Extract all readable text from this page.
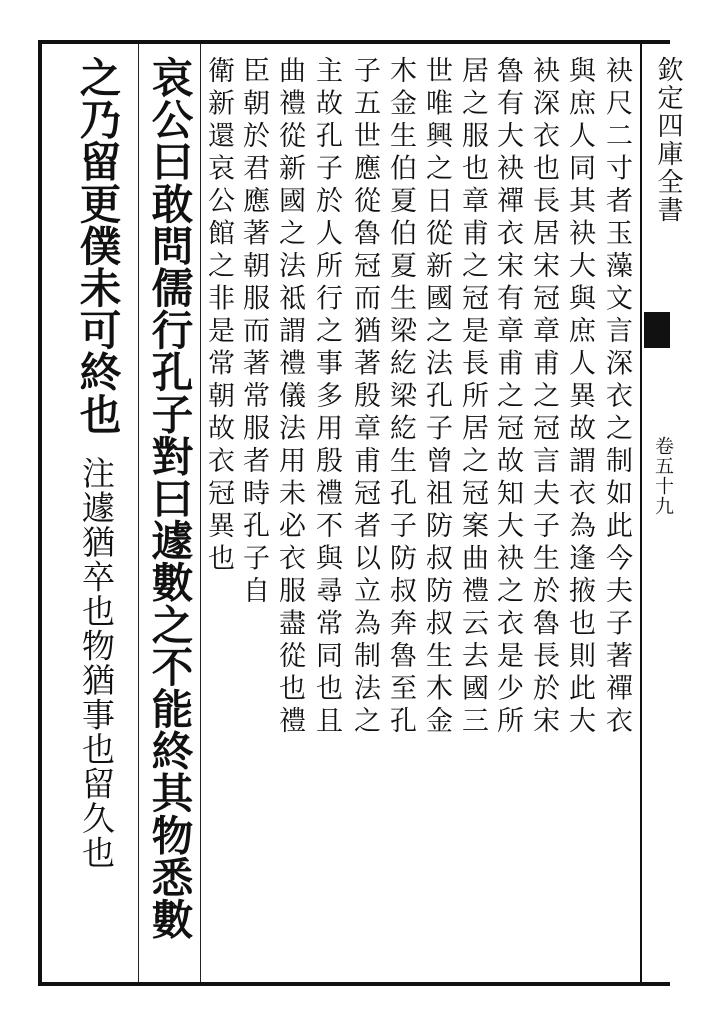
欽定四庫全書
卷五十九
袂尺二寸者玉藻文言深衣之制如此今夫子著禪衣
與庶人同其袂大與庶人異故謂衣為逢掖也則此大
袂深衣也長居宋冠章甫之冠言夫子生於魯長於宋
魯有大袂禪衣宋有章甫之冠故知大袂之衣是少所
居之服也章甫之冠是長所居之冠案曲禮云去國三
世唯興之日從新國之法孔子曾祖防叔防叔生木金
木金生伯夏伯夏生梁紇梁紇生孔子防叔奔魯至孔
子五世應從魯冠而猶著殷章甫冠者以立為制法之
主故孔子於人所行之事多用殷禮不與尋常同也且
曲禮從新國之法祗謂禮儀法用未必衣服盡從也禮
臣朝於君應著朝服而著常服者時孔子自
衛新還哀公館之非是常朝故衣冠異也
哀公曰敢問儒行孔子對曰遽數之不能終其物悉數
之乃留更僕未可終也
注遽猶卒也物猶事也留久也
